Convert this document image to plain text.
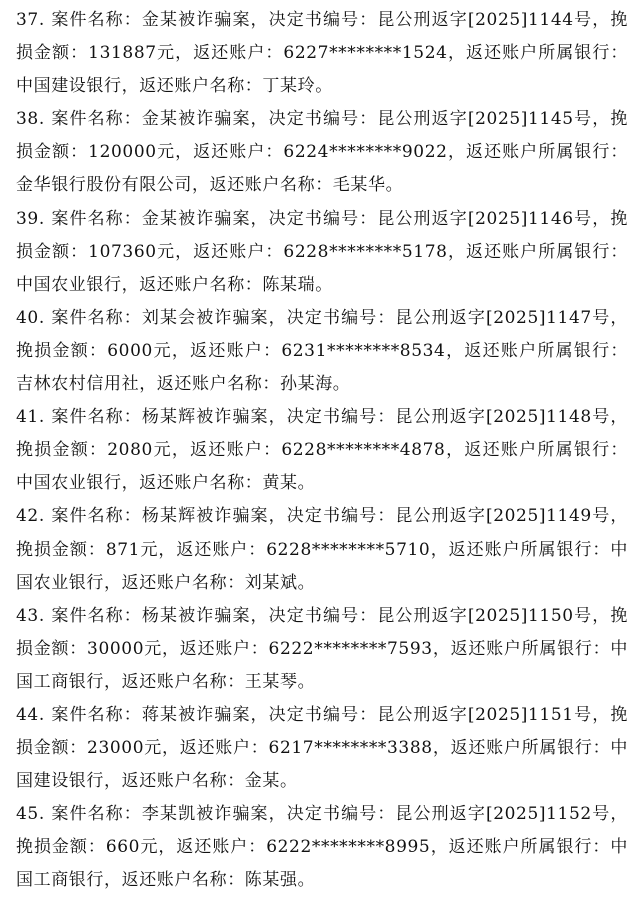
37. 案件名称：金某被诈骗案，决定书编号：昆公刑返字[2025]1144号，挽损金额：131887元，返还账户：6227********1524，返还账户所属银行：中国建设银行，返还账户名称：丁某玲。

38. 案件名称：金某被诈骗案，决定书编号：昆公刑返字[2025]1145号，挽损金额：120000元，返还账户：6224********9022，返还账户所属银行：金华银行股份有限公司，返还账户名称：毛某华。

39. 案件名称：金某被诈骗案，决定书编号：昆公刑返字[2025]1146号，挽损金额：107360元，返还账户：6228********5178，返还账户所属银行：中国农业银行，返还账户名称：陈某瑞。

40. 案件名称：刘某会被诈骗案，决定书编号：昆公刑返字[2025]1147号，挽损金额：6000元，返还账户：6231********8534，返还账户所属银行：吉林农村信用社，返还账户名称：孙某海。

41. 案件名称：杨某辉被诈骗案，决定书编号：昆公刑返字[2025]1148号，挽损金额：2080元，返还账户：6228********4878，返还账户所属银行：中国农业银行，返还账户名称：黄某。

42. 案件名称：杨某辉被诈骗案，决定书编号：昆公刑返字[2025]1149号，挽损金额：871元，返还账户：6228********5710，返还账户所属银行：中国农业银行，返还账户名称：刘某斌。

43. 案件名称：杨某被诈骗案，决定书编号：昆公刑返字[2025]1150号，挽损金额：30000元，返还账户：6222********7593，返还账户所属银行：中国工商银行，返还账户名称：王某琴。

44. 案件名称：蒋某被诈骗案，决定书编号：昆公刑返字[2025]1151号，挽损金额：23000元，返还账户：6217********3388，返还账户所属银行：中国建设银行，返还账户名称：金某。

45. 案件名称：李某凯被诈骗案，决定书编号：昆公刑返字[2025]1152号，挽损金额：660元，返还账户：6222********8995，返还账户所属银行：中国工商银行，返还账户名称：陈某强。
